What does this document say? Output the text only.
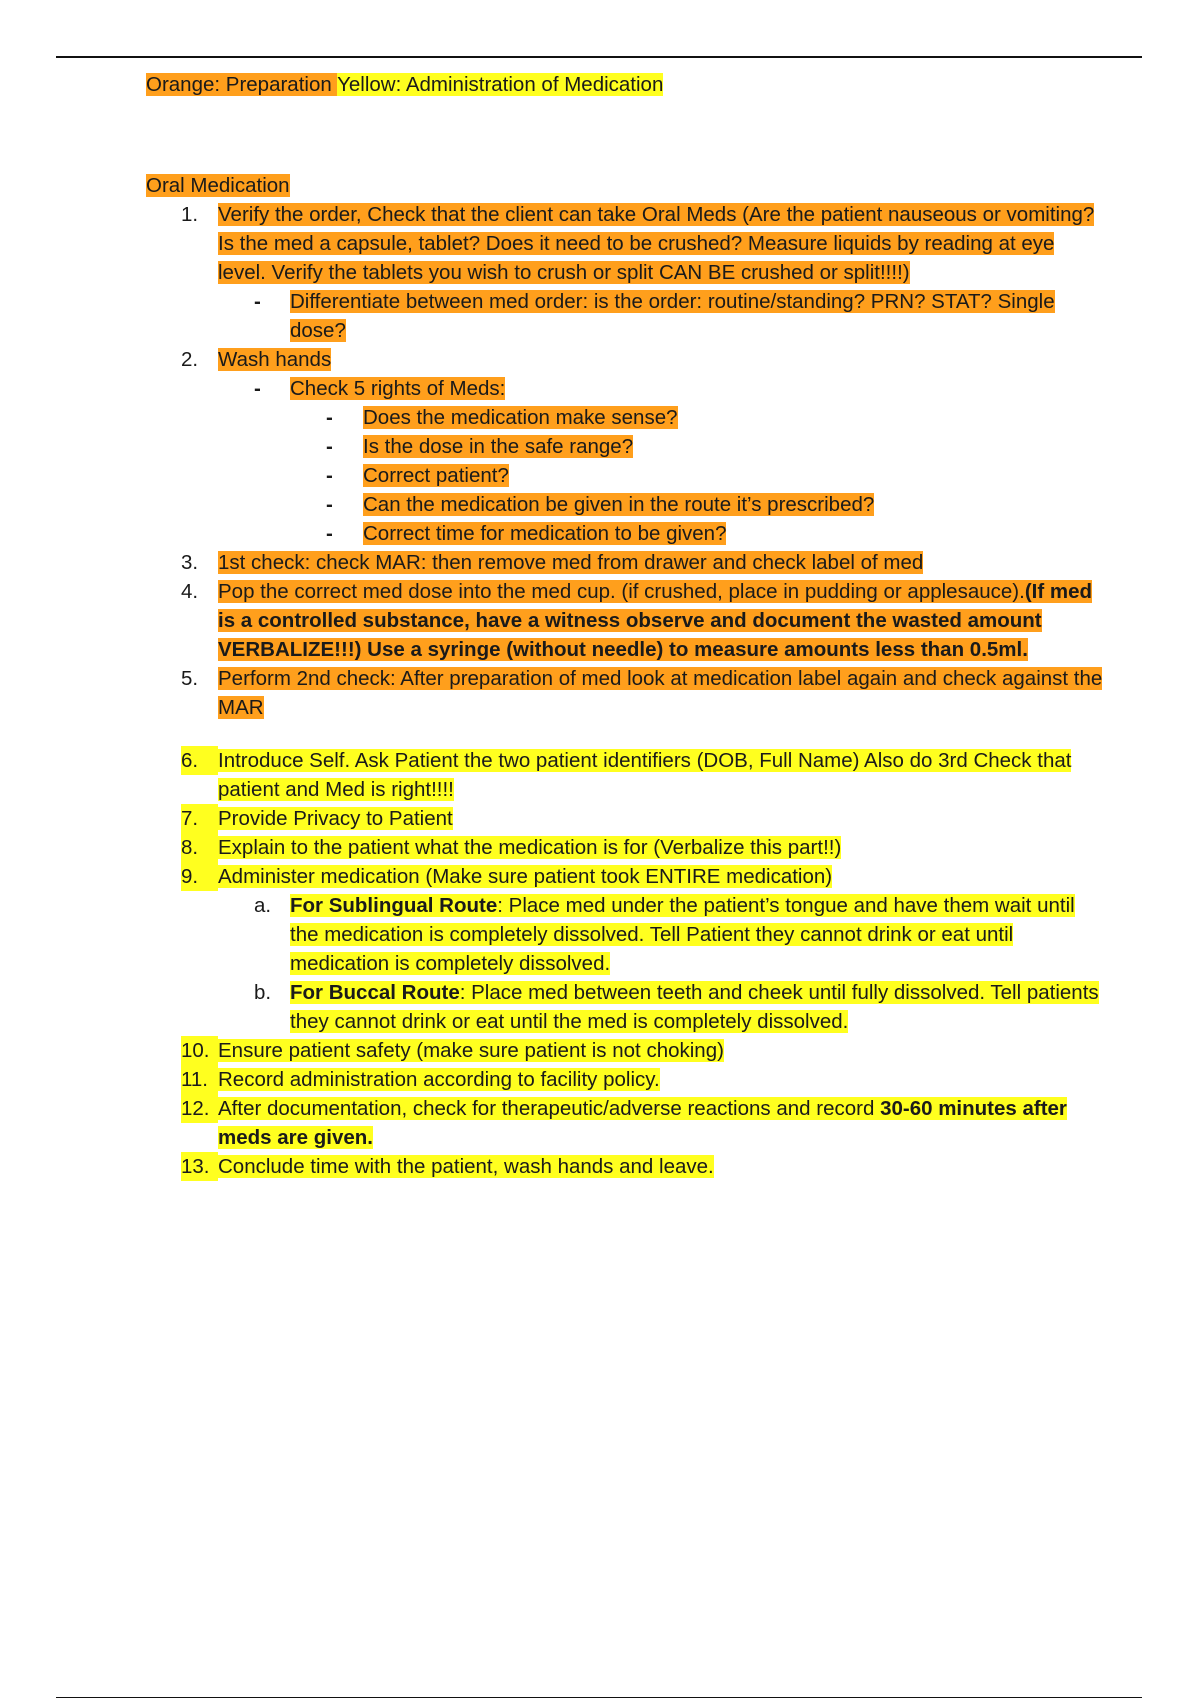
Orange: Preparation Yellow: Administration of Medication

Oral Medication
1. Verify the order, Check that the client can take Oral Meds (Are the patient nauseous or vomiting? Is the med a capsule, tablet? Does it need to be crushed? Measure liquids by reading at eye level. Verify the tablets you wish to crush or split CAN BE crushed or split!!!!)
- Differentiate between med order: is the order: routine/standing? PRN? STAT? Single dose?
2. Wash hands
- Check 5 rights of Meds:
- Does the medication make sense?
- Is the dose in the safe range?
- Correct patient?
- Can the medication be given in the route it’s prescribed?
- Correct time for medication to be given?
3. 1st check: check MAR: then remove med from drawer and check label of med
4. Pop the correct med dose into the med cup. (if crushed, place in pudding or applesauce).(If med is a controlled substance, have a witness observe and document the wasted amount VERBALIZE!!!) Use a syringe (without needle) to measure amounts less than 0.5ml.
5. Perform 2nd check: After preparation of med look at medication label again and check against the MAR
6. Introduce Self. Ask Patient the two patient identifiers (DOB, Full Name) Also do 3rd Check that patient and Med is right!!!!
7. Provide Privacy to Patient
8. Explain to the patient what the medication is for (Verbalize this part!!)
9. Administer medication (Make sure patient took ENTIRE medication)
a. For Sublingual Route: Place med under the patient’s tongue and have them wait until the medication is completely dissolved. Tell Patient they cannot drink or eat until medication is completely dissolved.
b. For Buccal Route: Place med between teeth and cheek until fully dissolved. Tell patients they cannot drink or eat until the med is completely dissolved.
10. Ensure patient safety (make sure patient is not choking)
11. Record administration according to facility policy.
12. After documentation, check for therapeutic/adverse reactions and record 30-60 minutes after meds are given.
13. Conclude time with the patient, wash hands and leave.
